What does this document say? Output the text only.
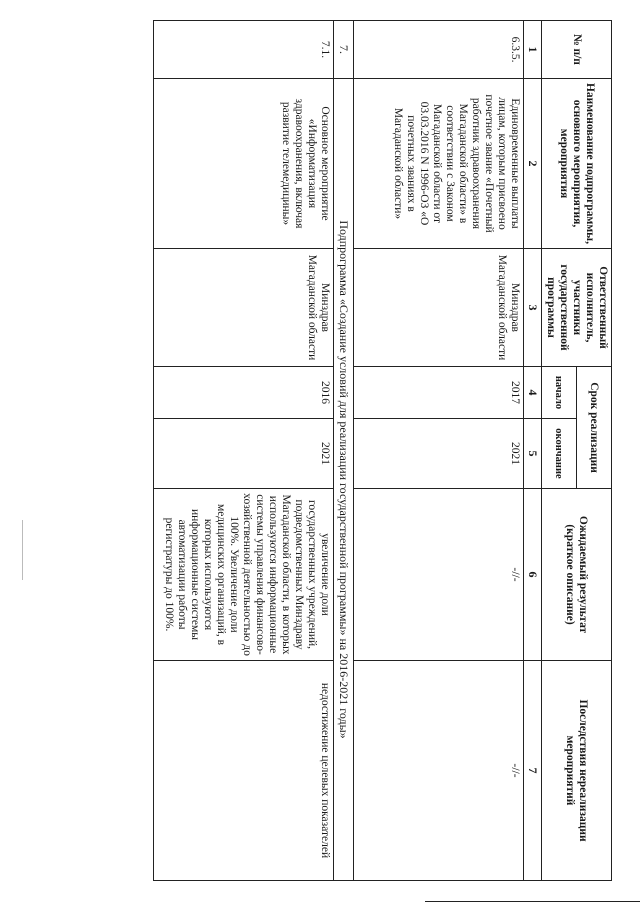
№ п/п	Наименование подпрограммы, основного мероприятия, мероприятия	Ответственный исполнитель, участники государственной программы	Срок реализации		Ожидаемый результат (краткое описание)	Последствия нереализации мероприятий
			начало	окончание		
1	2	3	4	5	6	7
6.3.5.	Единовременные выплаты лицам, которым присвоено почетное звание «Почетный работник здравоохранения Магаданской области» в соответствии с Законом Магаданской области от 03.03.2016 N 1996-ОЗ «О почетных званиях в Магаданской области»	Минздрав Магаданской области	2017	2021	-//-	-//-
7.	Подпрограмма «Создание условий для реализации государственной программы» на 2016-2021 годы»					
7.1.	Основное мероприятие «Информатизация здравоохранения, включая развитие телемедицины»	Минздрав Магаданской области	2016	2021	увеличение доли государственных учреждений, подведомственных Минздраву Магаданской области, в которых используются информационные системы управления финансово-хозяйственной деятельностью до 100%. Увеличение доли медицинских организаций, в которых используются информационные системы автоматизации работы регистратуры до 100%.	недостижение целевых показателей
